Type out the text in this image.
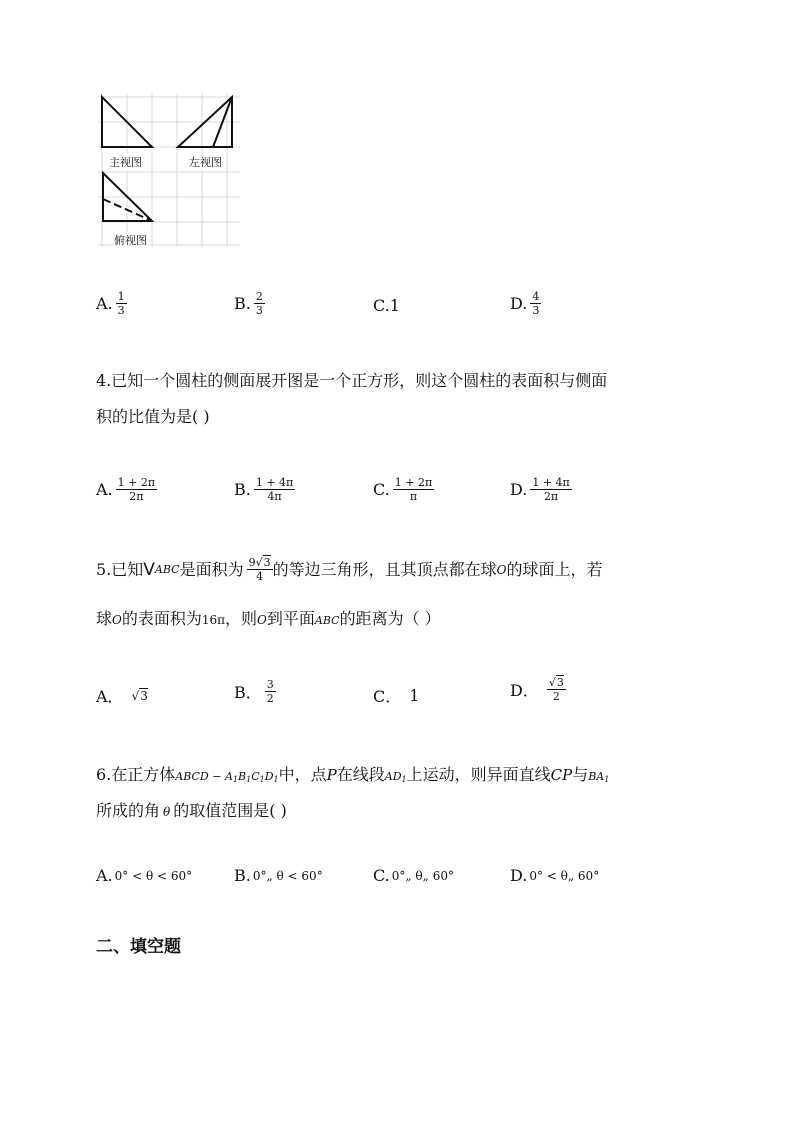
主视图	左视图
俯视图
A. $\frac{1}{3}$	B. $\frac{2}{3}$	C.1	D. $\frac{4}{3}$
4.已知一个圆柱的侧面展开图是一个正方形，则这个圆柱的表面积与侧面
积的比值为是( )
A. $\frac{1 + 2\pi}{2\pi}$	B. $\frac{1 + 4\pi}{4\pi}$	C. $\frac{1 + 2\pi}{\pi}$	D. $\frac{1 + 4\pi}{2\pi}$
5.已知 V ABC 是面积为 $\frac{9√3}{4}$ 的等边三角形，且其顶点都在球 O 的球面上，若
球O的表面积为16π，则O到平面ABC的距离为（ ）
A． √3	B． $\frac{3}{2}$	C． 1	D． $\frac{√3}{2}$
6.在正方体ABCD − $A_1B_1C_1D_1$中，点P在线段$AD_1$上运动，则异面直线CP与$BA_1$
所成的角 θ 的取值范围是( )
A. 0° < θ < 60°	B. 0°„ θ < 60°	C. 0°„ θ„ 60°	D. 0° < θ„ 60°
二、填空题
